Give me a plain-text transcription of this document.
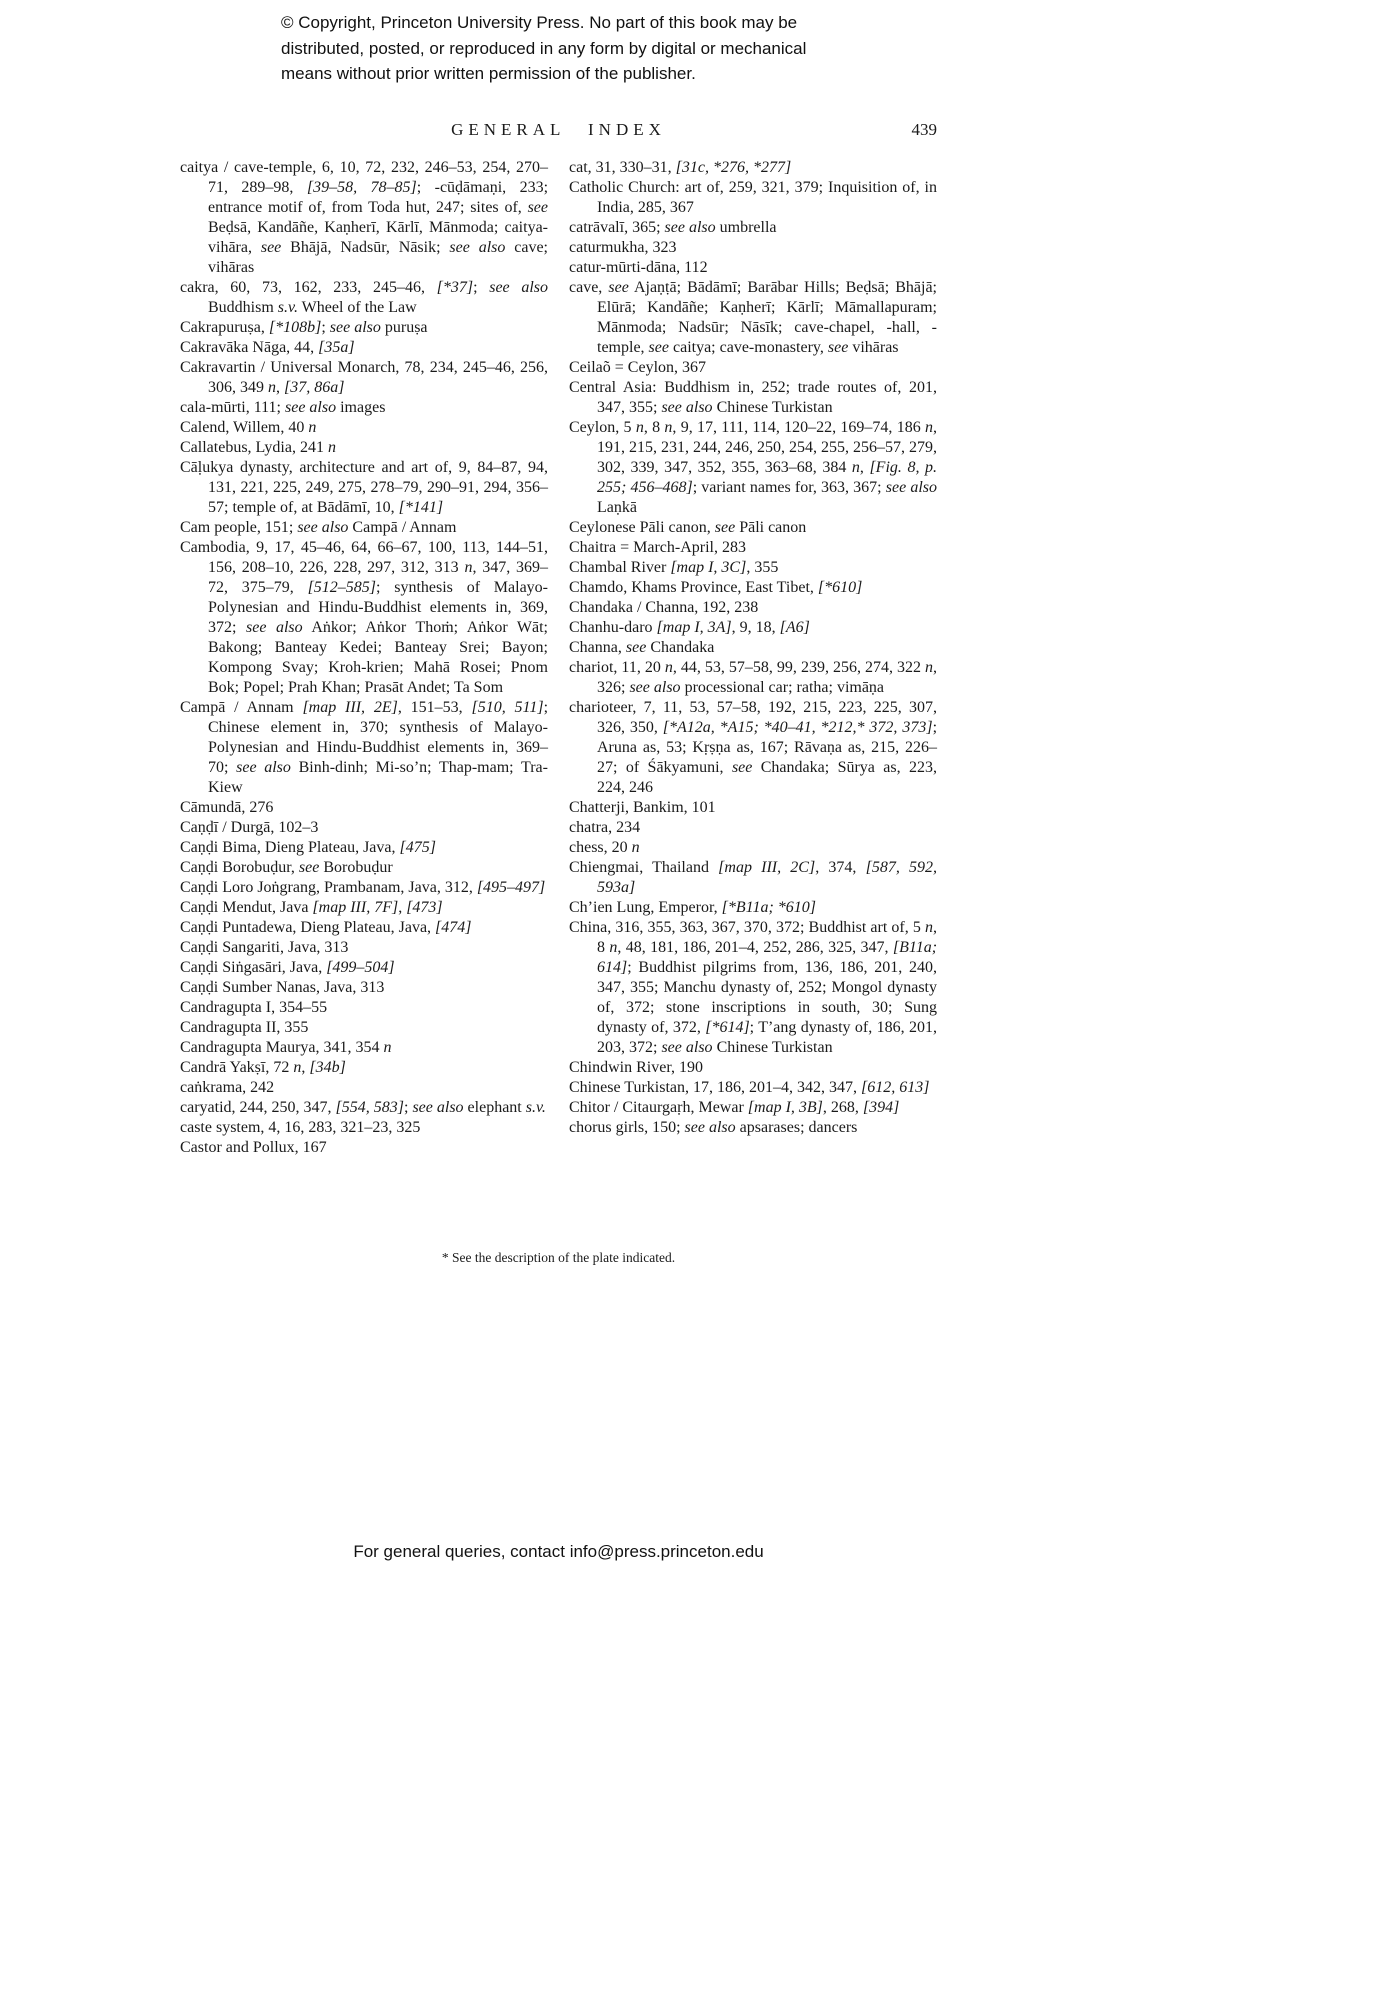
© Copyright, Princeton University Press. No part of this book may be distributed, posted, or reproduced in any form by digital or mechanical means without prior written permission of the publisher.
GENERAL INDEX	439
caitya / cave-temple, 6, 10, 72, 232, 246–53, 254, 270–71, 289–98, [39–58, 78–85]; -cūḍāmaṇi, 233; entrance motif of, from Toda hut, 247; sites of, see Beḍsā, Kandāñe, Kaṇherī, Kārlī, Mānmoda; caitya-vihāra, see Bhājā, Nadsūr, Nāsik; see also cave; vihāras
cakra, 60, 73, 162, 233, 245–46, [*37]; see also Buddhism s.v. Wheel of the Law
Cakrapuruṣa, [*108b]; see also puruṣa
Cakravāka Nāga, 44, [35a]
Cakravartin / Universal Monarch, 78, 234, 245–46, 256, 306, 349 n, [37, 86a]
cala-mūrti, 111; see also images
Calend, Willem, 40 n
Callatebus, Lydia, 241 n
Cāḷukya dynasty, architecture and art of, 9, 84–87, 94, 131, 221, 225, 249, 275, 278–79, 290–91, 294, 356–57; temple of, at Bādāmī, 10, [*141]
Cam people, 151; see also Campā / Annam
Cambodia, 9, 17, 45–46, 64, 66–67, 100, 113, 144–51, 156, 208–10, 226, 228, 297, 312, 313 n, 347, 369–72, 375–79, [512–585]; synthesis of Malayo-Polynesian and Hindu-Buddhist elements in, 369, 372; see also Aṅkor; Aṅkor Thoṁ; Aṅkor Wāt; Bakong; Banteay Kedei; Banteay Srei; Bayon; Kompong Svay; Kroh-krien; Mahā Rosei; Pnom Bok; Popel; Prah Khan; Prasāt Andet; Ta Som
Campā / Annam [map III, 2E], 151–53, [510, 511]; Chinese element in, 370; synthesis of Malayo-Polynesian and Hindu-Buddhist elements in, 369–70; see also Binh-dinh; Mi-so’n; Thap-mam; Tra-Kiew
Cāmundā, 276
Caṇḍī / Durgā, 102–3
Caṇḍi Bima, Dieng Plateau, Java, [475]
Caṇḍi Borobuḍur, see Borobuḍur
Caṇḍi Loro Joṅgrang, Prambanam, Java, 312, [495–497]
Caṇḍi Mendut, Java [map III, 7F], [473]
Caṇḍi Puntadewa, Dieng Plateau, Java, [474]
Caṇḍi Sangariti, Java, 313
Caṇḍi Siṅgasāri, Java, [499–504]
Caṇḍi Sumber Nanas, Java, 313
Candragupta I, 354–55
Candragupta II, 355
Candragupta Maurya, 341, 354 n
Candrā Yakṣī, 72 n, [34b]
caṅkrama, 242
caryatid, 244, 250, 347, [554, 583]; see also elephant s.v.
caste system, 4, 16, 283, 321–23, 325
Castor and Pollux, 167
cat, 31, 330–31, [31c, *276, *277]
Catholic Church: art of, 259, 321, 379; Inquisition of, in India, 285, 367
catrāvalī, 365; see also umbrella
caturmukha, 323
catur-mūrti-dāna, 112
cave, see Ajaṇṭā; Bādāmī; Barābar Hills; Beḍsā; Bhājā; Elūrā; Kandāñe; Kaṇherī; Kārlī; Māmallapuram; Mānmoda; Nadsūr; Nāsīk; cave-chapel, -hall, -temple, see caitya; cave-monastery, see vihāras
Ceilaõ = Ceylon, 367
Central Asia: Buddhism in, 252; trade routes of, 201, 347, 355; see also Chinese Turkistan
Ceylon, 5 n, 8 n, 9, 17, 111, 114, 120–22, 169–74, 186 n, 191, 215, 231, 244, 246, 250, 254, 255, 256–57, 279, 302, 339, 347, 352, 355, 363–68, 384 n, [Fig. 8, p. 255; 456–468]; variant names for, 363, 367; see also Laṇkā
Ceylonese Pāli canon, see Pāli canon
Chaitra = March-April, 283
Chambal River [map I, 3C], 355
Chamdo, Khams Province, East Tibet, [*610]
Chandaka / Channa, 192, 238
Chanhu-daro [map I, 3A], 9, 18, [A6]
Channa, see Chandaka
chariot, 11, 20 n, 44, 53, 57–58, 99, 239, 256, 274, 322 n, 326; see also processional car; ratha; vimāṇa
charioteer, 7, 11, 53, 57–58, 192, 215, 223, 225, 307, 326, 350, [*A12a, *A15; *40–41, *212,* 372, 373]; Aruna as, 53; Kṛṣṇa as, 167; Rāvaṇa as, 215, 226–27; of Śākyamuni, see Chandaka; Sūrya as, 223, 224, 246
Chatterji, Bankim, 101
chatra, 234
chess, 20 n
Chiengmai, Thailand [map III, 2C], 374, [587, 592, 593a]
Ch’ien Lung, Emperor, [*B11a; *610]
China, 316, 355, 363, 367, 370, 372; Buddhist art of, 5 n, 8 n, 48, 181, 186, 201–4, 252, 286, 325, 347, [B11a; 614]; Buddhist pilgrims from, 136, 186, 201, 240, 347, 355; Manchu dynasty of, 252; Mongol dynasty of, 372; stone inscriptions in south, 30; Sung dynasty of, 372, [*614]; T’ang dynasty of, 186, 201, 203, 372; see also Chinese Turkistan
Chindwin River, 190
Chinese Turkistan, 17, 186, 201–4, 342, 347, [612, 613]
Chitor / Citaurgaṛh, Mewar [map I, 3B], 268, [394]
chorus girls, 150; see also apsarases; dancers
* See the description of the plate indicated.
For general queries, contact info@press.princeton.edu
